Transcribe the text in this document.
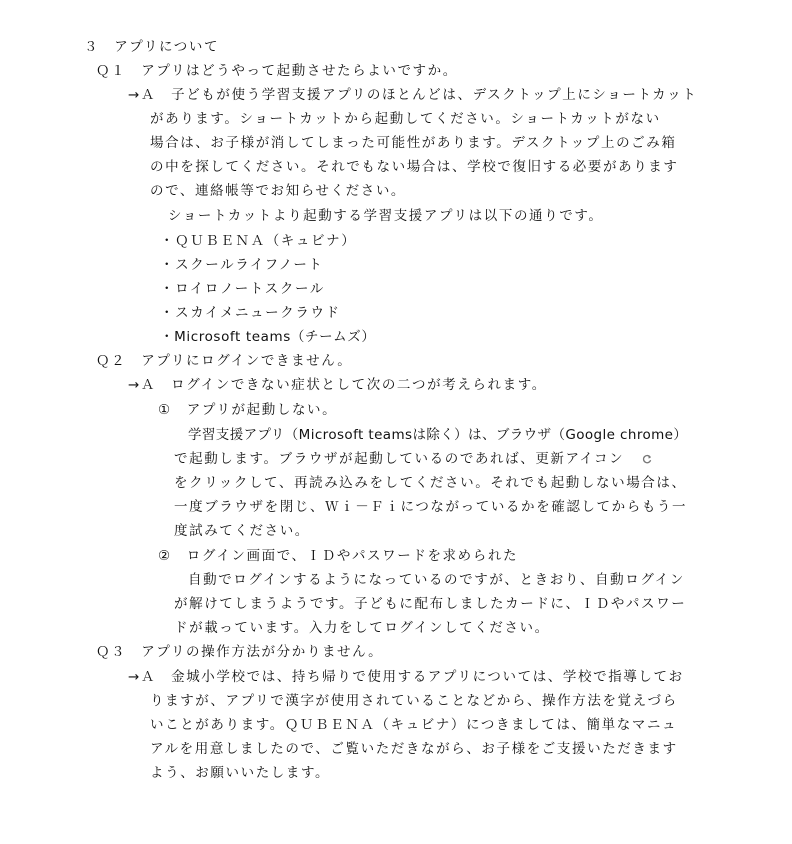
３　アプリについて
Ｑ１　アプリはどうやって起動させたらよいですか。
→Ａ　子どもが使う学習支援アプリのほとんどは、デスクトップ上にショートカット
があります。ショートカットから起動してください。ショートカットがない
場合は、お子様が消してしまった可能性があります。デスクトップ上のごみ箱
の中を探してください。それでもない場合は、学校で復旧する必要があります
ので、連絡帳等でお知らせください。
ショートカットより起動する学習支援アプリは以下の通りです。
・ＱＵＢＥＮＡ（キュビナ）
・スクールライフノート
・ロイロノートスクール
・スカイメニュークラウド
・Microsoft teams（チームズ）
Ｑ２　アプリにログインできません。
→Ａ　ログインできない症状として次の二つが考えられます。
①　アプリが起動しない。
学習支援アプリ（Microsoft teamsは除く）は、ブラウザ（Google chrome）
で起動します。ブラウザが起動しているのであれば、更新アイコン
をクリックして、再読み込みをしてください。それでも起動しない場合は、
一度ブラウザを閉じ、Ｗｉ－Ｆｉにつながっているかを確認してからもう一
度試みてください。
②　ログイン画面で、ＩＤやパスワードを求められた
自動でログインするようになっているのですが、ときおり、自動ログイン
が解けてしまうようです。子どもに配布しましたカードに、ＩＤやパスワー
ドが載っています。入力をしてログインしてください。
Ｑ３　アプリの操作方法が分かりません。
→Ａ　金城小学校では、持ち帰りで使用するアプリについては、学校で指導してお
りますが、アプリで漢字が使用されていることなどから、操作方法を覚えづら
いことがあります。ＱＵＢＥＮＡ（キュビナ）につきましては、簡単なマニュ
アルを用意しましたので、ご覧いただきながら、お子様をご支援いただきます
よう、お願いいたします。
